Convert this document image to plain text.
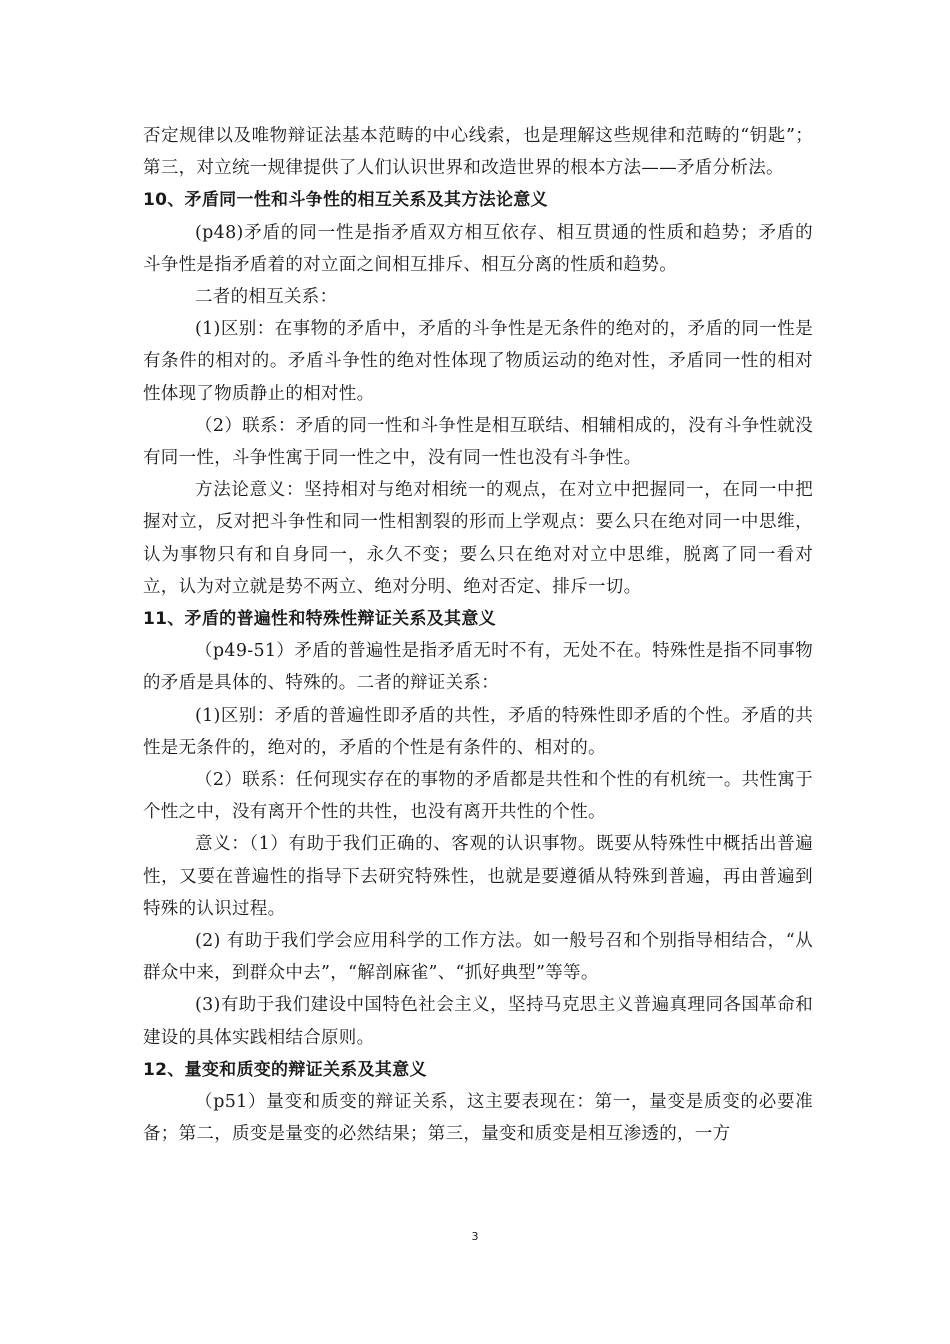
否定规律以及唯物辩证法基本范畴的中心线索，也是理解这些规律和范畴的“钥匙”；第三，对立统一规律提供了人们认识世界和改造世界的根本方法——矛盾分析法。

10、矛盾同一性和斗争性的相互关系及其方法论意义

(p48)矛盾的同一性是指矛盾双方相互依存、相互贯通的性质和趋势；矛盾的斗争性是指矛盾着的对立面之间相互排斥、相互分离的性质和趋势。

二者的相互关系：

(1)区别：在事物的矛盾中，矛盾的斗争性是无条件的绝对的，矛盾的同一性是有条件的相对的。矛盾斗争性的绝对性体现了物质运动的绝对性，矛盾同一性的相对性体现了物质静止的相对性。

（2）联系：矛盾的同一性和斗争性是相互联结、相辅相成的，没有斗争性就没有同一性，斗争性寓于同一性之中，没有同一性也没有斗争性。

方法论意义：坚持相对与绝对相统一的观点，在对立中把握同一，在同一中把握对立，反对把斗争性和同一性相割裂的形而上学观点：要么只在绝对同一中思维，认为事物只有和自身同一，永久不变；要么只在绝对对立中思维，脱离了同一看对立，认为对立就是势不两立、绝对分明、绝对否定、排斥一切。

11、矛盾的普遍性和特殊性辩证关系及其意义

（p49-51）矛盾的普遍性是指矛盾无时不有，无处不在。特殊性是指不同事物的矛盾是具体的、特殊的。二者的辩证关系：

(1)区别：矛盾的普遍性即矛盾的共性，矛盾的特殊性即矛盾的个性。矛盾的共性是无条件的，绝对的，矛盾的个性是有条件的、相对的。

（2）联系：任何现实存在的事物的矛盾都是共性和个性的有机统一。共性寓于个性之中，没有离开个性的共性，也没有离开共性的个性。

意义：（1）有助于我们正确的、客观的认识事物。既要从特殊性中概括出普遍性，又要在普遍性的指导下去研究特殊性，也就是要遵循从特殊到普遍，再由普遍到特殊的认识过程。

(2) 有助于我们学会应用科学的工作方法。如一般号召和个别指导相结合，“从群众中来，到群众中去”，“解剖麻雀”、“抓好典型”等等。

(3)有助于我们建设中国特色社会主义，坚持马克思主义普遍真理同各国革命和建设的具体实践相结合原则。

12、量变和质变的辩证关系及其意义

（p51）量变和质变的辩证关系，这主要表现在：第一，量变是质变的必要准备；第二，质变是量变的必然结果；第三，量变和质变是相互渗透的，一方

3
